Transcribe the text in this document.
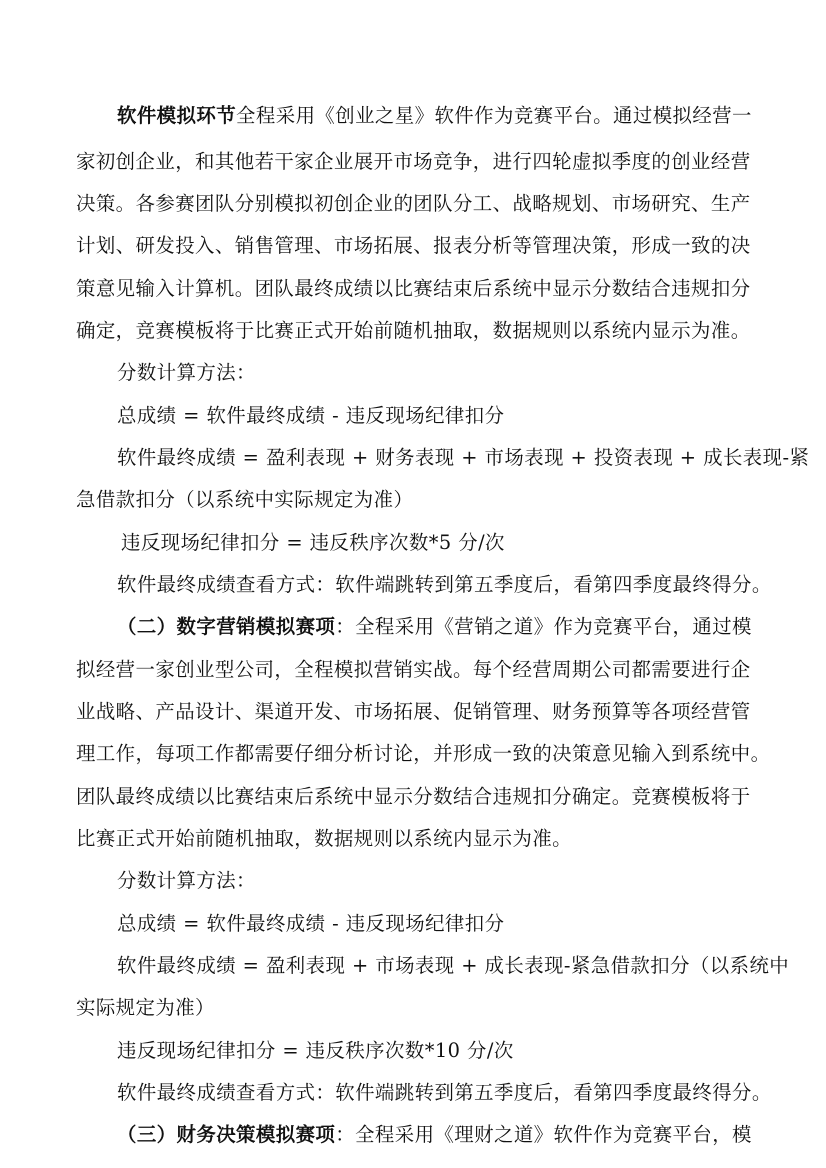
软件模拟环节全程采用《创业之星》软件作为竞赛平台。通过模拟经营一
家初创企业，和其他若干家企业展开市场竞争，进行四轮虚拟季度的创业经营
决策。各参赛团队分别模拟初创企业的团队分工、战略规划、市场研究、生产
计划、研发投入、销售管理、市场拓展、报表分析等管理决策，形成一致的决
策意见输入计算机。团队最终成绩以比赛结束后系统中显示分数结合违规扣分
确定，竞赛模板将于比赛正式开始前随机抽取，数据规则以系统内显示为准。
分数计算方法：
总成绩 = 软件最终成绩 - 违反现场纪律扣分
软件最终成绩 = 盈利表现 + 财务表现 + 市场表现 + 投资表现 + 成长表现-紧
急借款扣分（以系统中实际规定为准）
违反现场纪律扣分 = 违反秩序次数*5 分/次
软件最终成绩查看方式：软件端跳转到第五季度后，看第四季度最终得分。
（二）数字营销模拟赛项：全程采用《营销之道》作为竞赛平台，通过模
拟经营一家创业型公司，全程模拟营销实战。每个经营周期公司都需要进行企
业战略、产品设计、渠道开发、市场拓展、促销管理、财务预算等各项经营管
理工作，每项工作都需要仔细分析讨论，并形成一致的决策意见输入到系统中。
团队最终成绩以比赛结束后系统中显示分数结合违规扣分确定。竞赛模板将于
比赛正式开始前随机抽取，数据规则以系统内显示为准。
分数计算方法：
总成绩 = 软件最终成绩 - 违反现场纪律扣分
软件最终成绩 = 盈利表现 + 市场表现 + 成长表现-紧急借款扣分（以系统中
实际规定为准）
违反现场纪律扣分 = 违反秩序次数*10 分/次
软件最终成绩查看方式：软件端跳转到第五季度后，看第四季度最终得分。
（三）财务决策模拟赛项：全程采用《理财之道》软件作为竞赛平台，模
